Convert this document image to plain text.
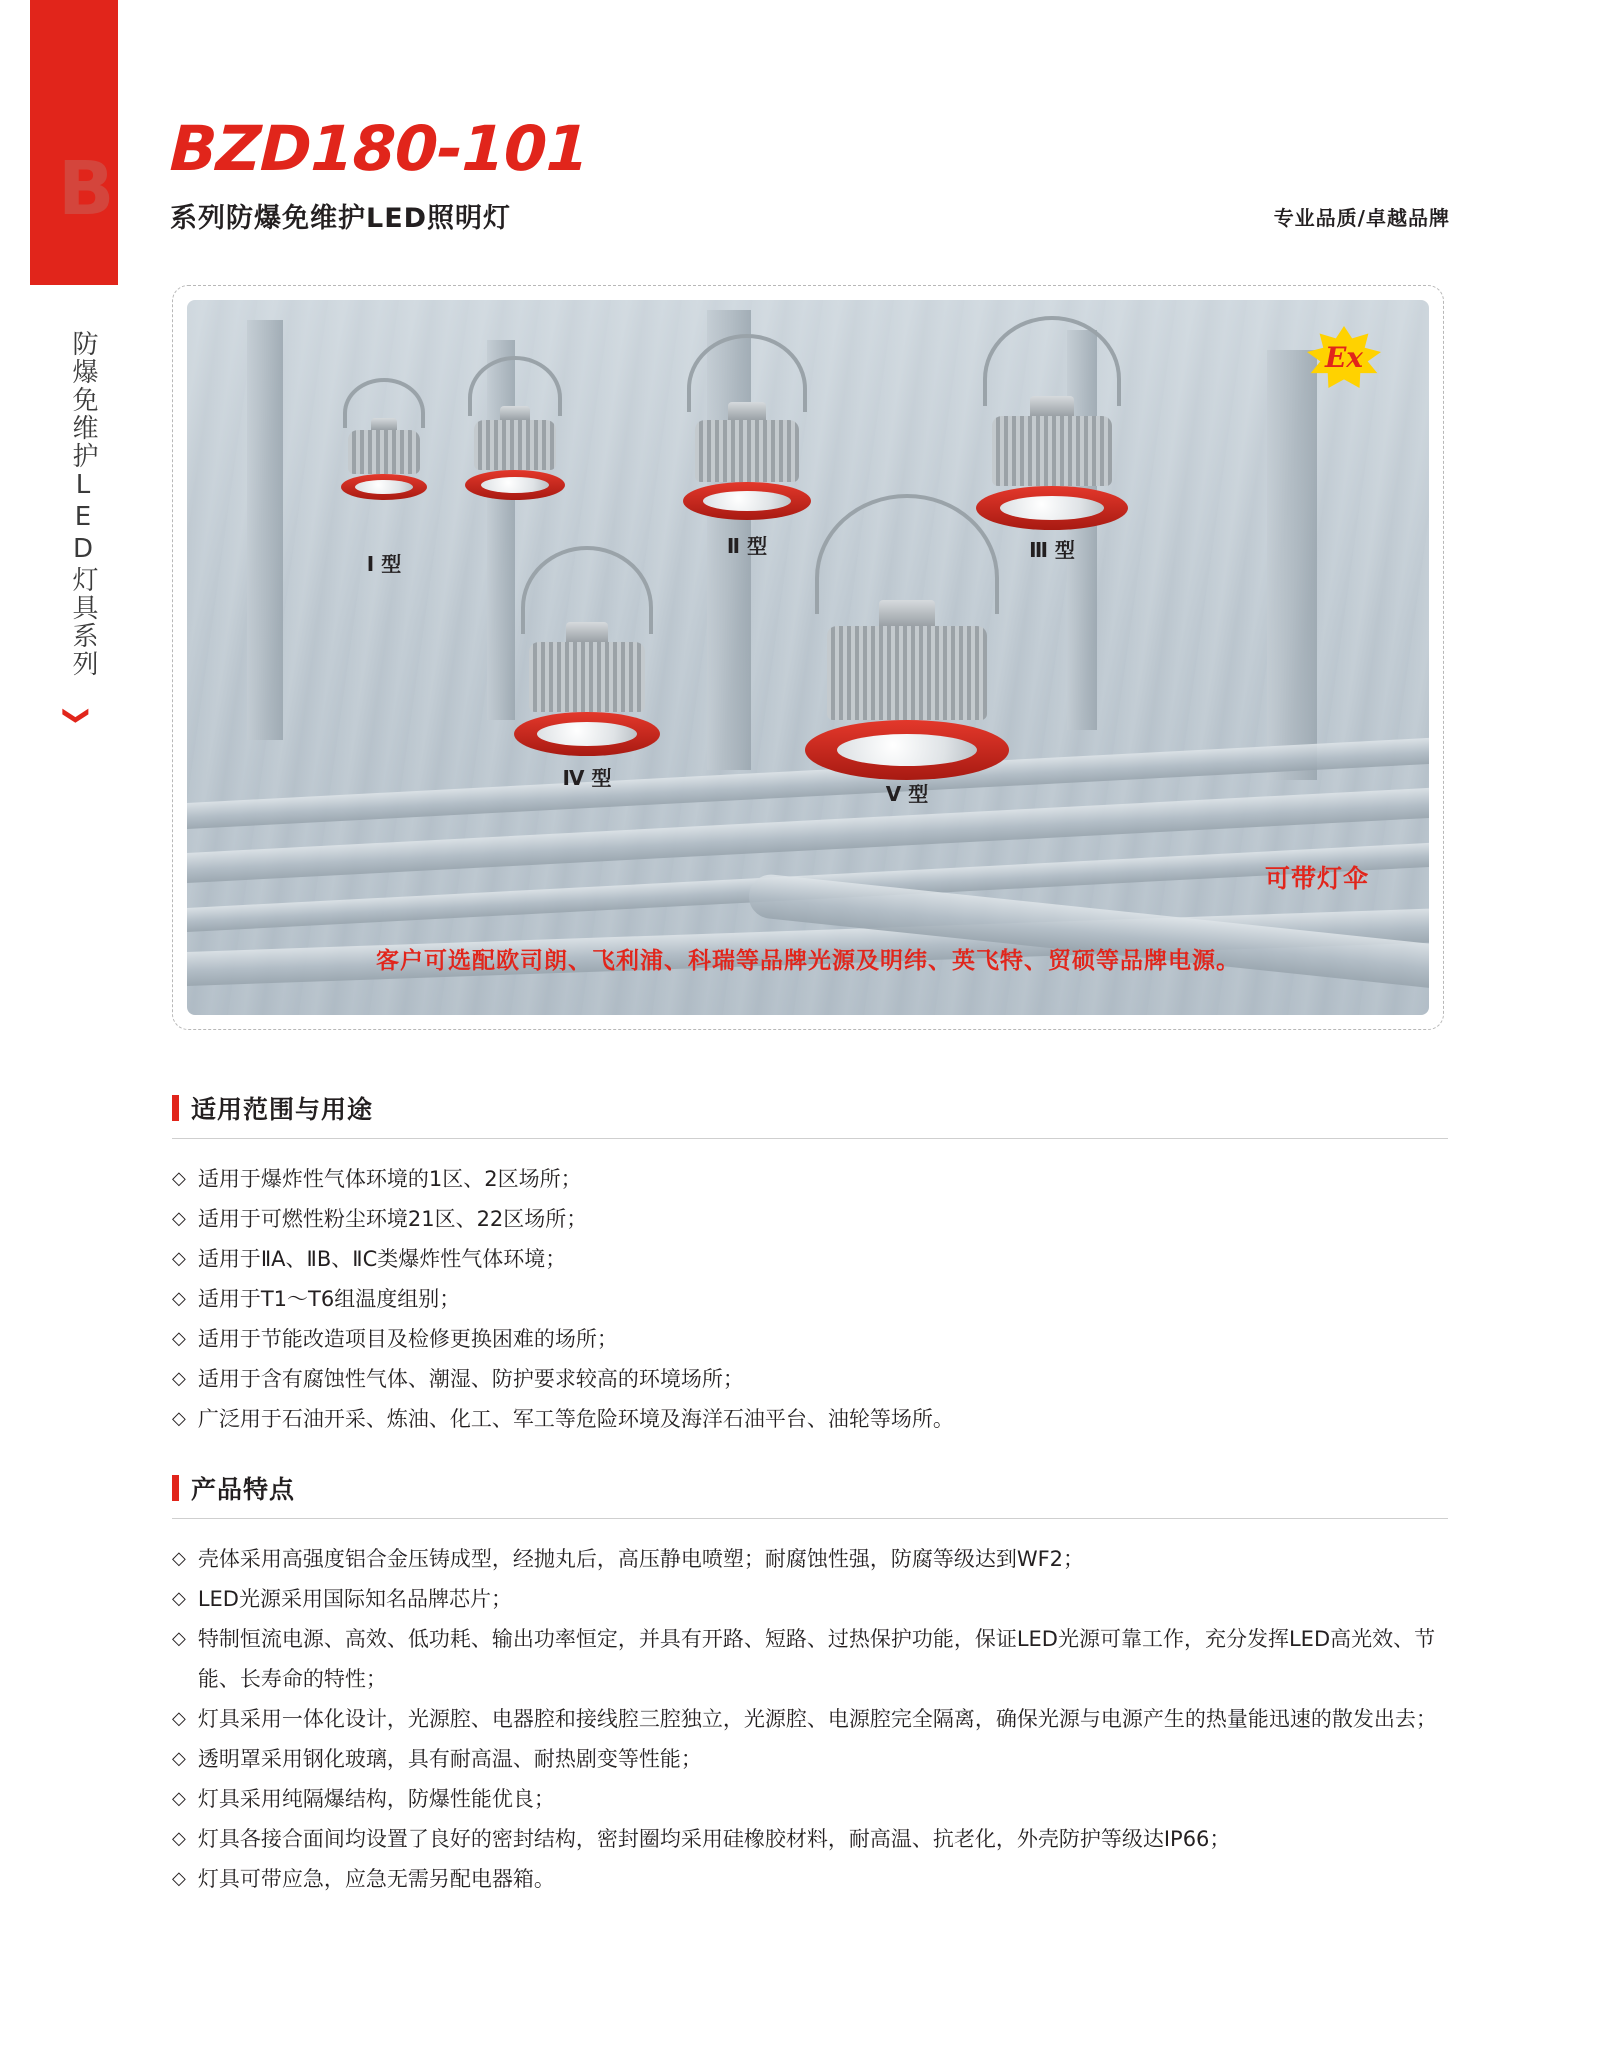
B
防爆免维护LED灯具系列
❯
BZD180-101
系列防爆免维护LED照明灯	专业品质/卓越品牌
Ex
Ⅰ 型
Ⅱ 型	Ⅲ 型
Ⅳ 型
Ⅴ 型
可带灯伞
客户可选配欧司朗、飞利浦、科瑞等品牌光源及明纬、英飞特、贸硕等品牌电源。
适用范围与用途
◇ 适用于爆炸性气体环境的1区、2区场所；
◇ 适用于可燃性粉尘环境21区、22区场所；
◇ 适用于ⅡA、ⅡB、ⅡC类爆炸性气体环境；
◇ 适用于T1～T6组温度组别；
◇ 适用于节能改造项目及检修更换困难的场所；
◇ 适用于含有腐蚀性气体、潮湿、防护要求较高的环境场所；
◇ 广泛用于石油开采、炼油、化工、军工等危险环境及海洋石油平台、油轮等场所。
产品特点
◇ 壳体采用高强度铝合金压铸成型，经抛丸后，高压静电喷塑；耐腐蚀性强，防腐等级达到WF2；
◇ LED光源采用国际知名品牌芯片；
◇ 特制恒流电源、高效、低功耗、输出功率恒定，并具有开路、短路、过热保护功能，保证LED光源可靠工作，充分发挥LED高光效、节能、长寿命的特性；
◇ 灯具采用一体化设计，光源腔、电器腔和接线腔三腔独立，光源腔、电源腔完全隔离，确保光源与电源产生的热量能迅速的散发出去；
◇ 透明罩采用钢化玻璃，具有耐高温、耐热剧变等性能；
◇ 灯具采用纯隔爆结构，防爆性能优良；
◇ 灯具各接合面间均设置了良好的密封结构，密封圈均采用硅橡胶材料，耐高温、抗老化，外壳防护等级达IP66；
◇ 灯具可带应急，应急无需另配电器箱。
